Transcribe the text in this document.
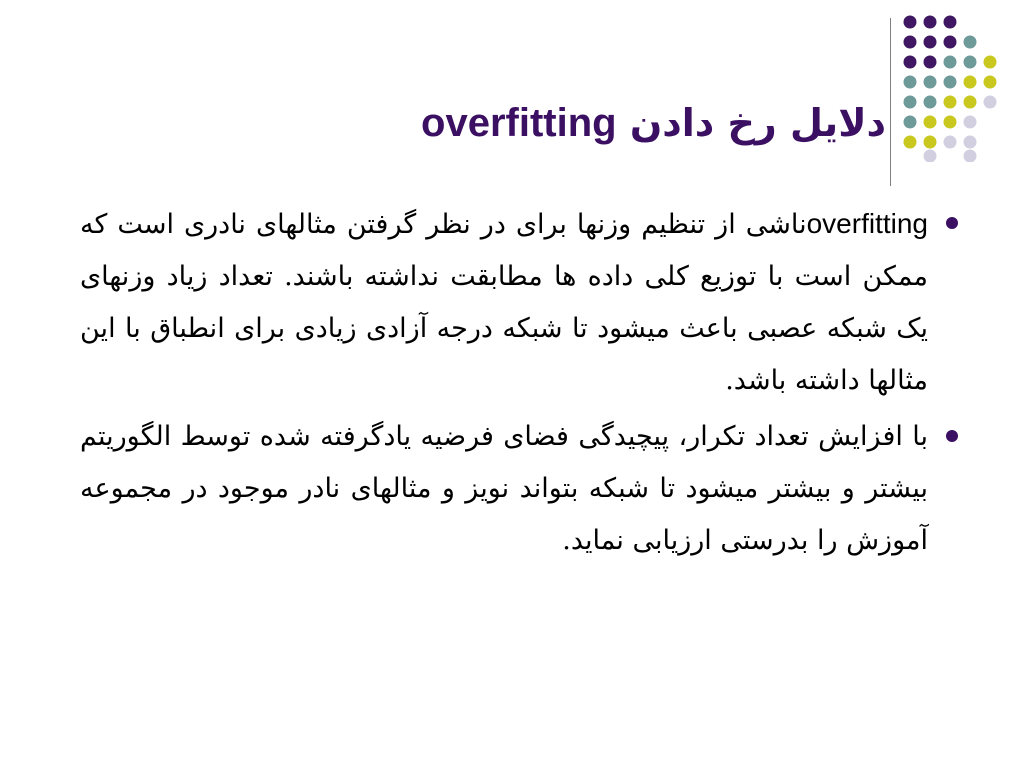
دلایل رخ دادن overfitting
overfittingناشی از تنظیم وزنها برای در نظر گرفتن مثالهای نادری است که ممکن است با توزیع کلی داده ها مطابقت نداشته باشند. تعداد زیاد وزنهای یک شبکه عصبی باعث میشود تا شبکه درجه آزادی زیادی برای انطباق با این مثالها داشته باشد.
با افزایش تعداد تکرار، پیچیدگی فضای فرضیه یادگرفته شده توسط الگوریتم بیشتر و بیشتر میشود تا شبکه بتواند نویز و مثالهای نادر موجود در مجموعه آموزش را بدرستی ارزیابی نماید.
